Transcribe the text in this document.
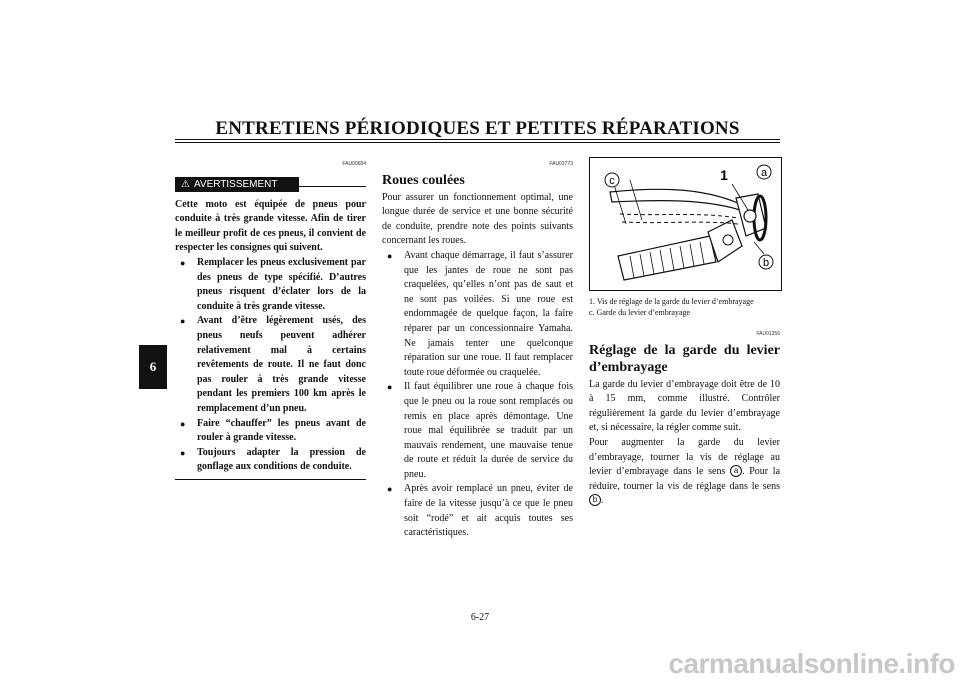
ENTRETIENS PÉRIODIQUES ET PETITES RÉPARATIONS
6
FAU00684
⚠ AVERTISSEMENT
Cette moto est équipée de pneus pour conduite à très grande vitesse. Afin de tirer le meilleur profit de ces pneus, il convient de respecter les consignes qui suivent.
● Remplacer les pneus exclusivement par des pneus de type spécifié. D’autres pneus risquent d’éclater lors de la conduite à très grande vitesse.
● Avant d’être légèrement usés, des pneus neufs peuvent adhérer relativement mal à certains revêtements de route. Il ne faut donc pas rouler à très grande vitesse pendant les premiers 100 km après le remplacement d’un pneu.
● Faire “chauffer” les pneus avant de rouler à grande vitesse.
● Toujours adapter la pression de gonflage aux conditions de conduite.
FAU03773
Roues coulées
Pour assurer un fonctionnement optimal, une longue durée de service et une bonne sécurité de conduite, prendre note des points suivants concernant les roues.
● Avant chaque démarrage, il faut s’assurer que les jantes de roue ne sont pas craquelées, qu’elles n’ont pas de saut et ne sont pas voilées. Si une roue est endommagée de quelque façon, la faire réparer par un concessionnaire Yamaha. Ne jamais tenter une quelconque réparation sur une roue. Il faut remplacer toute roue déformée ou craquelée.
● Il faut équilibrer une roue à chaque fois que le pneu ou la roue sont remplacés ou remis en place après démontage. Une roue mal équilibrée se traduit par un mauvais rendement, une mauvaise tenue de route et réduit la durée de service du pneu.
● Après avoir remplacé un pneu, éviter de faire de la vitesse jusqu’à ce que le pneu soit “rodé” et ait acquis toutes ses caractéristiques.
c	1	a
b
1. Vis de réglage de la garde du levier d’embrayage
c. Garde du levier d’embrayage
FAU01356
Réglage de la garde du levier d’embrayage
La garde du levier d’embrayage doit être de 10 à 15 mm, comme illustré. Contrôler régulièrement la garde du levier d’embrayage et, si nécessaire, la régler comme suit.
Pour augmenter la garde du levier d’embrayage, tourner la vis de réglage au levier d’embrayage dans le sens a . Pour la réduire, tourner la vis de réglage dans le sens b .
6-27
carmanualsonline.info
